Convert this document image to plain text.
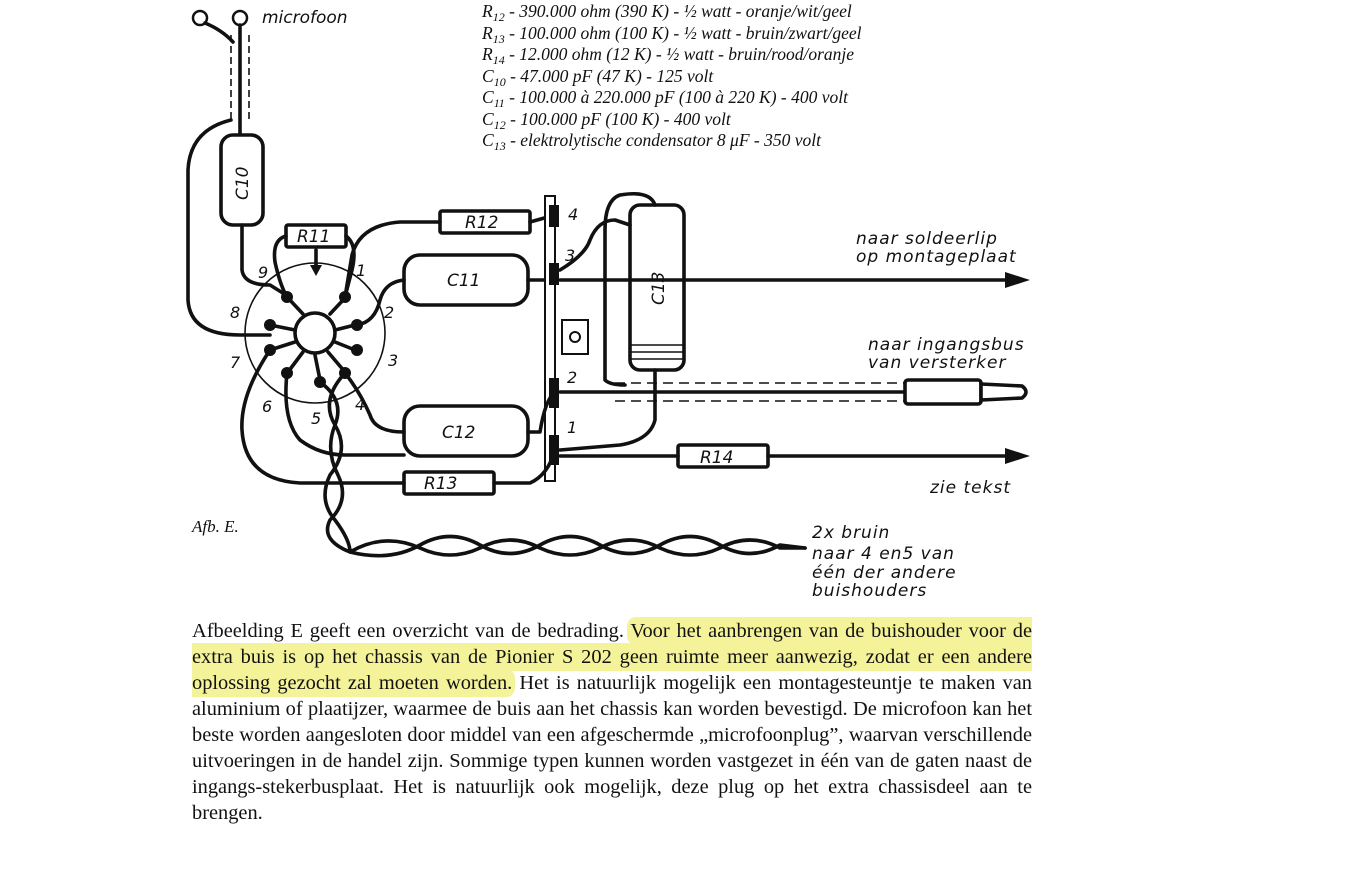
$R_{12} - 390.000$ ohm (390 K) - ½ watt - oranje/wit/geel
$R_{13} - 100.000$ ohm (100 K) - ½ watt - bruin/zwart/geel
$R_{14} - 12.000$ ohm (12 K) - ½ watt - bruin/rood/oranje
$C_{10} - 47.000$ pF (47 K) - 125 volt
$C_{11} - 100.000$ à 220.000 pF (100 à 220 K) - 400 volt
$C_{12} - 100.000$ pF (100 K) - 400 volt
$C_{13}$ - elektrolytische condensator 8 μF - 350 volt
microfoon
C10
1
2
3
4
5
6
7
8
9
R11
R12
C11
4
3
2
1
C13
naar soldeerlip
op montageplaat
naar ingangsbus
van versterker
C12
R13
R14
zie tekst
2x bruin
naar 4 en5 van
één der andere
buishouders
Afb. E.

Afbeelding E geeft een overzicht van de bedrading. Voor het aanbrengen van de buishouder voor de extra buis is op het chassis van de Pionier S 202 geen ruimte meer aanwezig, zodat er een andere oplossing gezocht zal moeten worden. Het is natuurlijk mogelijk een montagesteuntje te maken van aluminium of plaatijzer, waarmee de buis aan het chassis kan worden bevestigd. De microfoon kan het beste worden aangesloten door middel van een afgeschermde „microfoonplug”, waarvan verschillende uitvoeringen in de handel zijn. Sommige typen kunnen worden vastgezet in één van de gaten naast de ingangs-stekerbusplaat. Het is natuurlijk ook mogelijk, deze plug op het extra chassisdeel aan te brengen.
